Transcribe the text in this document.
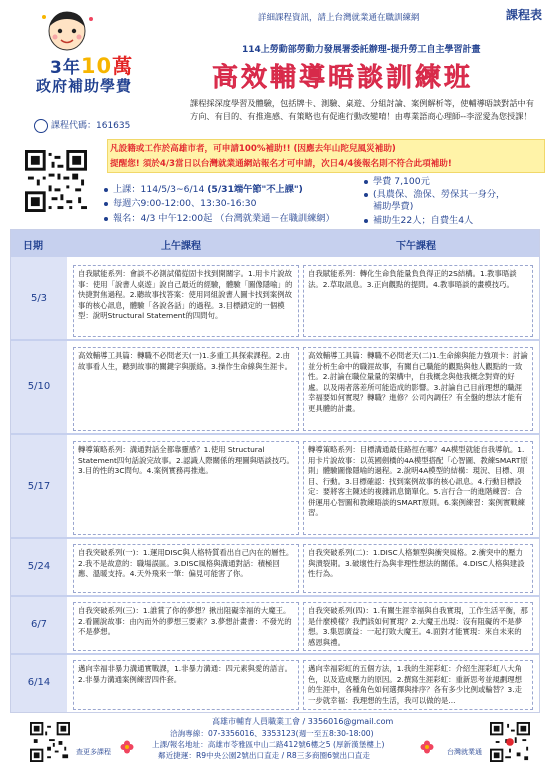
詳細課程資訊，請上台灣就業通在職訓練網	課程表
3年10萬
政府補助學費
114上勞動部勞動力發展署委託辦理-提升勞工自主學習計畫
高效輔導晤談訓練班
課程代碼：161635
課程採深度學習及體驗，包括牌卡、測驗、桌遊、分組討論、案例解析等，使輔導晤談對話中有方向、有目的、有推進感、有策略也有促進行動改變唷！由專業語商心理師--李涩愛為您授課！
凡設籍或工作於高雄市者，可申請100%補助!! (因應去年山陀兒風災補助)
提醒您! 須於4/3當日以台灣就業通網站報名才可申請，次日4/4後報名則不符合此項補助!
上課：114/5/3~6/14 (5/31端午節"不上課")
每週六9:00-12:00、13:30-16:30
報名：4/3 中午12:00起 （台灣就業通－在職訓練網）
學費 7,100元
(具農保、漁保、勞保其一身分，
補助學費)
補助生22人；自費生4人
日期	上午課程	下午課程
5/3
自我賦能系列：會談不必測試備從固卡找到開關字。1.用卡片說故事：使用「說書人桌遊」說自己最近的經驗，體驗「圖像隱喻」的快捷對焦過程。2.聽故事找答案：使用同組說書人圖卡找到案例故事的核心訊息，體驗「各說各話」的過程。3.目標鎖定的一個模型：說明Structural Statement的四問句。
自我賦能系列：轉化生命負能量負負得正的2S結構。1.教事晤談法。2.草取訊息。3.正向觀點的提問。4.教事晤談的畫模技巧。
5/10
高效輔導工具篇：轉職不必問老天(一)1.多重工具探索課程。2.由故事看人生，聽到故事的關鍵字與脈絡。3.操作生命線與生涯卡。
高效輔導工具篇：轉職不必問老天(二)1.生命線與能力強項卡：討論並分析生命中的職涯故事，有關自己職能的觀點與他人觀點的一致性。2.討論在職位量量的架構中，自我概念與他我概念對齊的好處。以及兩者落差所可能造成的影響。3.討論自己目前理想的職涯幸福要如何實現？轉職？進修？公司內調任？有全盤的想法才能有更具體的計畫。
5/17
轉導策略系列：溝通對話全都靠靈感？1.使用 Structural Statement四句話說完故事。2.認識人際關係的理圖與晤談技巧。3.目的性的3C問句。4.案例實務再推進。
轉導策略系列：目標溝通最佳路徑在哪？4A模型就能自我導航。1.用卡片說故事：以英國劍橋的4A模型搭配「心智圖、教練SMART原則」體驗圖像隱喻的過程。2.說明4A模型的結構：現況、目標、項目、行動。3.目標確認：找到案例故事的核心訊息。4.行動目標設定：要將客主陳述的複雜訊息簡單化。5.言行合一的進階練習：合併運用心智圖和教練晤談的SMART原則。6.案例練習：案例實戰練習。
5/24
自我突破系列(一)：1.運用DISC與人格特質看出自己內在的層性。2.我不是故意的：職場誤區。3.DISC風格與溝通對話：積極回應、溫暖支持。4.天外飛來一筆：偏見可能害了你。
自我突破系列(二)：1.DISC人格類型與衝突風格。2.衝突中的壓力與潰裂期。3.破壞性行為與非理性想法的關係。4.DISC人格與建設性行為。
6/7
自我突破系列(三)：1.誰賞了你的夢想？揪出阻礙幸福的大魔王。2.看圖說故事：由內而外的夢想三要素？3.夢想計畫書：不發光的不是夢想。
自我突破系列(四)：1.有關生涯幸福與自我實現，工作生活平衡，那是什麼模樣？我們該如何實現？2.大魔王出現：沒有阻礙的不是夢想。3.集思廣益：一起打敗大魔王。4.面對才能實現：來自未來的感恩與禮。
6/14
邁向幸福非暴力溝通實戰課，1.非暴力溝通：四元素與愛的語言。2.非暴力溝通案例練習四件套。
邁向幸福彩虹的五個方法，1.我的生涯彩虹：介紹生涯彩虹八大角色，以及造成壓力的原因。2.撰寫生涯彩虹：重新思考並規劃理想的生涯中，各種角色如何選擇與排序？各有多少比例或輪替？3.走一步就幸福：我理想的生活，我可以做的是...
查更多課程
高雄市輔育人員職業工會 / 3356016@gmail.com
洽詢專線：07-3356016、3353123(週一至五8:30-18:00)
上課/報名地址：高雄市苓雅區中山二路412號6樓之5 (厚新漢堡樓上)
鄰近捷運：R9中央公園2號出口直走 / R8三多商圈6號出口直走	台灣就業通
